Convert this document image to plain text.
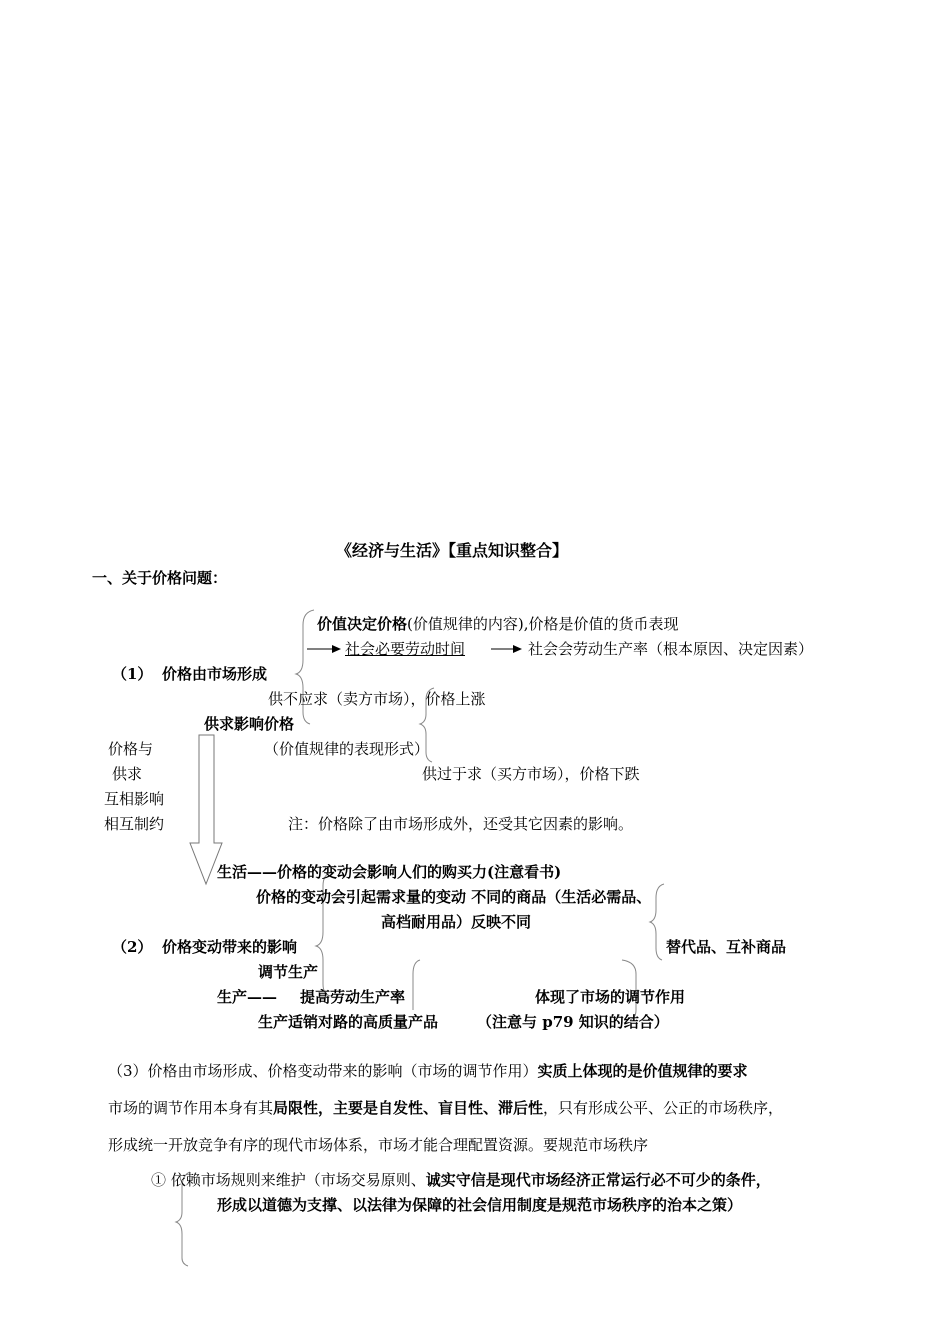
《经济与生活》【重点知识整合】
一、关于价格问题：
价值决定价格(价值规律的内容),价格是价值的货币表现
社会必要劳动时间	社会会劳动生产率（根本原因、决定因素）
（1） 价格由市场形成
供不应求（卖方市场），价格上涨
供求影响价格
（价值规律的表现形式）
供过于求（买方市场），价格下跌
价格与
供求
互相影响
相互制约	注：价格除了由市场形成外，还受其它因素的影响。
生活——价格的变动会影响人们的购买力(注意看书)
价格的变动会引起需求量的变动 不同的商品（生活必需品、
高档耐用品）反映不同
（2） 价格变动带来的影响	替代品、互补商品
调节生产
生产—— 提高劳动生产率	体现了市场的调节作用
生产适销对路的高质量产品	（注意与 p79 知识的结合）
（3）价格由市场形成、价格变动带来的影响（市场的调节作用）实质上体现的是价值规律的要求
市场的调节作用本身有其局限性，主要是自发性、盲目性、滞后性，只有形成公平、公正的市场秩序，
形成统一开放竞争有序的现代市场体系，市场才能合理配置资源。要规范市场秩序
① 依赖市场规则来维护（市场交易原则、诚实守信是现代市场经济正常运行必不可少的条件，
形成以道德为支撑、以法律为保障的社会信用制度是规范市场秩序的治本之策）
